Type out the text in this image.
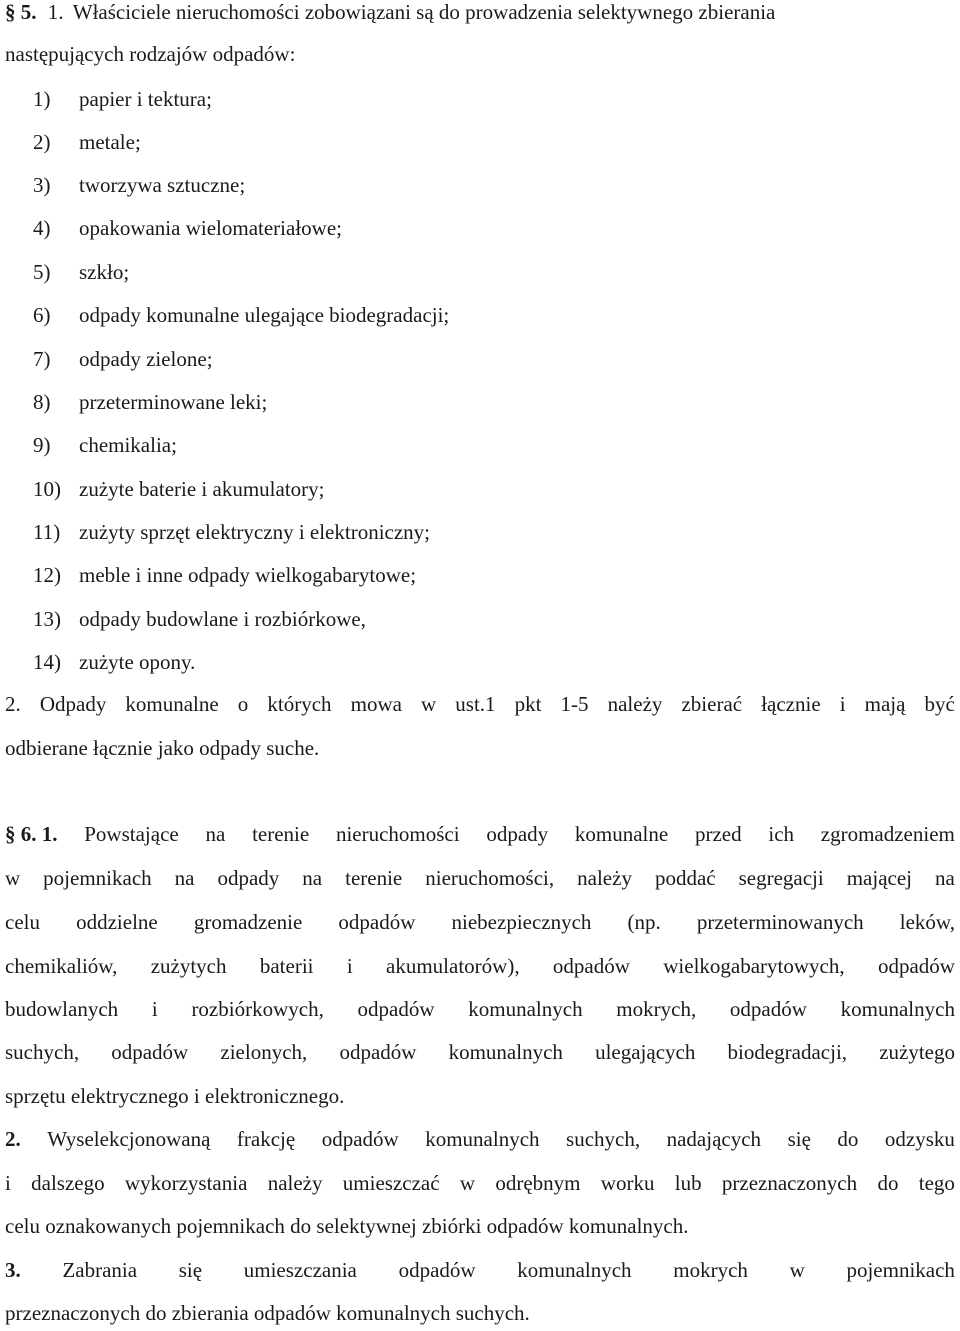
§ 5. 1. Właściciele nieruchomości zobowiązani są do prowadzenia selektywnego zbierania
następujących rodzajów odpadów:
1) papier i tektura;
2) metale;
3) tworzywa sztuczne;
4) opakowania wielomateriałowe;
5) szkło;
6) odpady komunalne ulegające biodegradacji;
7) odpady zielone;
8) przeterminowane leki;
9) chemikalia;
10) zużyte baterie i akumulatory;
11) zużyty sprzęt elektryczny i elektroniczny;
12) meble i inne odpady wielkogabarytowe;
13) odpady budowlane i rozbiórkowe,
14) zużyte opony.
2. Odpady komunalne o których mowa w ust.1 pkt 1-5 należy zbierać łącznie i mają być
odbierane łącznie jako odpady suche.
§ 6. 1. Powstające na terenie nieruchomości odpady komunalne przed ich zgromadzeniem
w pojemnikach na odpady na terenie nieruchomości, należy poddać segregacji mającej na
celu oddzielne gromadzenie odpadów niebezpiecznych (np. przeterminowanych leków,
chemikaliów, zużytych baterii i akumulatorów), odpadów wielkogabarytowych, odpadów
budowlanych i rozbiórkowych, odpadów komunalnych mokrych, odpadów komunalnych
suchych, odpadów zielonych, odpadów komunalnych ulegających biodegradacji, zużytego
sprzętu elektrycznego i elektronicznego.
2. Wyselekcjonowaną frakcję odpadów komunalnych suchych, nadających się do odzysku
i dalszego wykorzystania należy umieszczać w odrębnym worku lub przeznaczonych do tego
celu oznakowanych pojemnikach do selektywnej zbiórki odpadów komunalnych.
3. Zabrania się umieszczania odpadów komunalnych mokrych w pojemnikach
przeznaczonych do zbierania odpadów komunalnych suchych.
